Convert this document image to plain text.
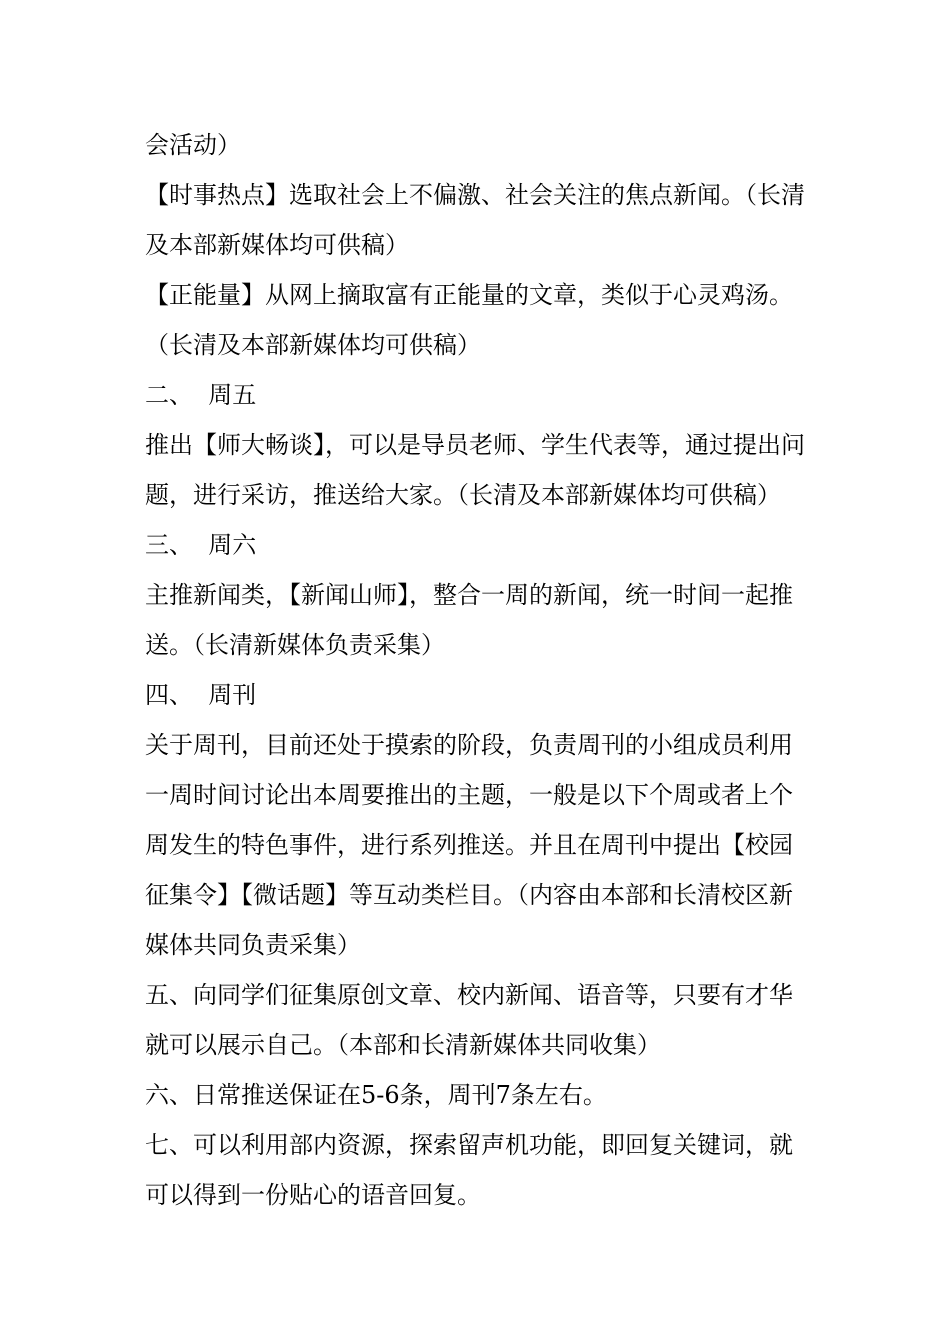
会活动）

【时事热点】选取社会上不偏激、社会关注的焦点新闻。（长清及本部新媒体均可供稿）

【正能量】从网上摘取富有正能量的文章，类似于心灵鸡汤。（长清及本部新媒体均可供稿）

二、  周五

推出【师大畅谈】，可以是导员老师、学生代表等，通过提出问题，进行采访，推送给大家。（长清及本部新媒体均可供稿）

三、  周六

主推新闻类，【新闻山师】，整合一周的新闻，统一时间一起推送。（长清新媒体负责采集）

四、  周刊

关于周刊，目前还处于摸索的阶段，负责周刊的小组成员利用一周时间讨论出本周要推出的主题，一般是以下个周或者上个周发生的特色事件，进行系列推送。并且在周刊中提出【校园征集令】【微话题】等互动类栏目。（内容由本部和长清校区新媒体共同负责采集）

五、向同学们征集原创文章、校内新闻、语音等，只要有才华就可以展示自己。（本部和长清新媒体共同收集）

六、日常推送保证在5-6条，周刊7条左右。

七、可以利用部内资源，探索留声机功能，即回复关键词，就可以得到一份贴心的语音回复。
